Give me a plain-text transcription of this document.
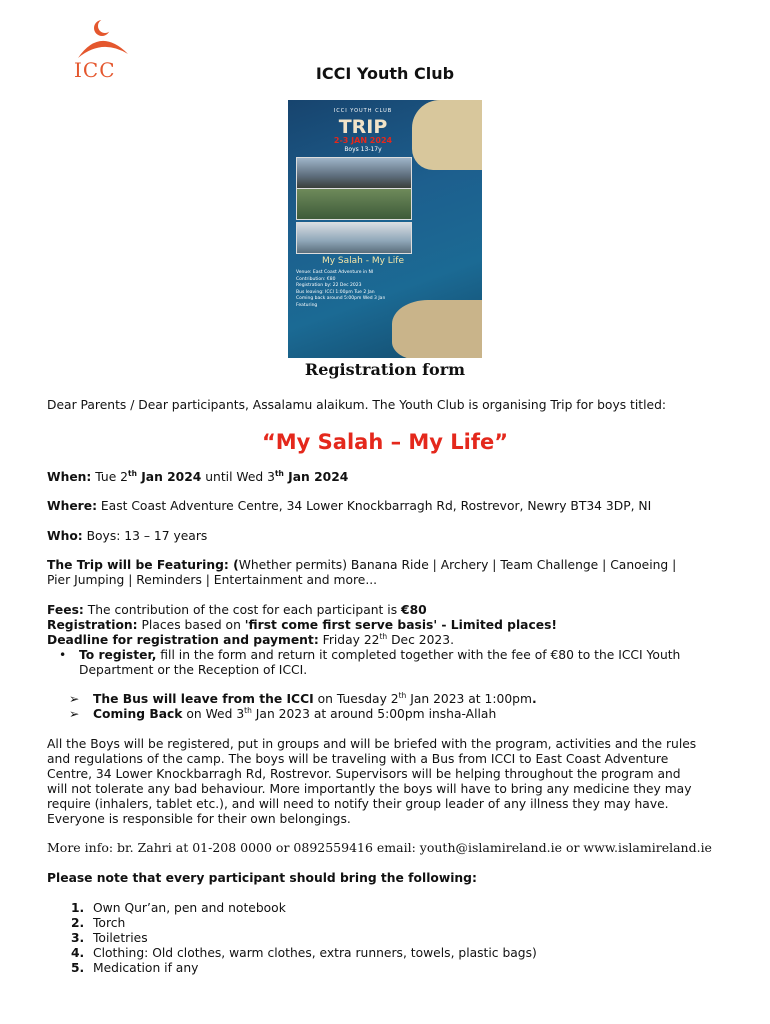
ICC	ICCI Youth Club
ICCI YOUTH CLUB
TRIP
2-3 JAN 2024
Boys 13-17y
My Salah - My Life
Venue: East Coast Adventure in NI
Contribution: €80
Registration by: 22 Dec 2023
Bus leaving: ICCI 1:00pm Tue 2 Jan
Coming back around 5:00pm Wed 3 Jan
Featuring
Registration form
Dear Parents / Dear participants, Assalamu alaikum. The Youth Club is organising Trip for boys titled:
“My Salah – My Life”
When: Tue 2th Jan 2024 until Wed 3th Jan 2024
Where: East Coast Adventure Centre, 34 Lower Knockbarragh Rd, Rostrevor, Newry BT34 3DP, NI
Who: Boys: 13 – 17 years
The Trip will be Featuring: (Whether permits) Banana Ride | Archery | Team Challenge | Canoeing |
Pier Jumping | Reminders | Entertainment and more...
Fees: The contribution of the cost for each participant is €80
Registration: Places based on 'first come first serve basis' - Limited places!
Deadline for registration and payment: Friday 22th Dec 2023.
• To register, fill in the form and return it completed together with the fee of €80 to the ICCI Youth
Department or the Reception of ICCI.
➢ The Bus will leave from the ICCI on Tuesday 2th Jan 2023 at 1:00pm.
➢ Coming Back on Wed 3th Jan 2023 at around 5:00pm insha-Allah
All the Boys will be registered, put in groups and will be briefed with the program, activities and the rules
and regulations of the camp. The boys will be traveling with a Bus from ICCI to East Coast Adventure
Centre, 34 Lower Knockbarragh Rd, Rostrevor. Supervisors will be helping throughout the program and
will not tolerate any bad behaviour. More importantly the boys will have to bring any medicine they may
require (inhalers, tablet etc.), and will need to notify their group leader of any illness they may have.
Everyone is responsible for their own belongings.
More info: br. Zahri at 01-208 0000 or 0892559416 email: youth@islamireland.ie or www.islamireland.ie
Please note that every participant should bring the following:
1. Own Qur’an, pen and notebook
2. Torch
3. Toiletries
4. Clothing: Old clothes, warm clothes, extra runners, towels, plastic bags)
5. Medication if any
